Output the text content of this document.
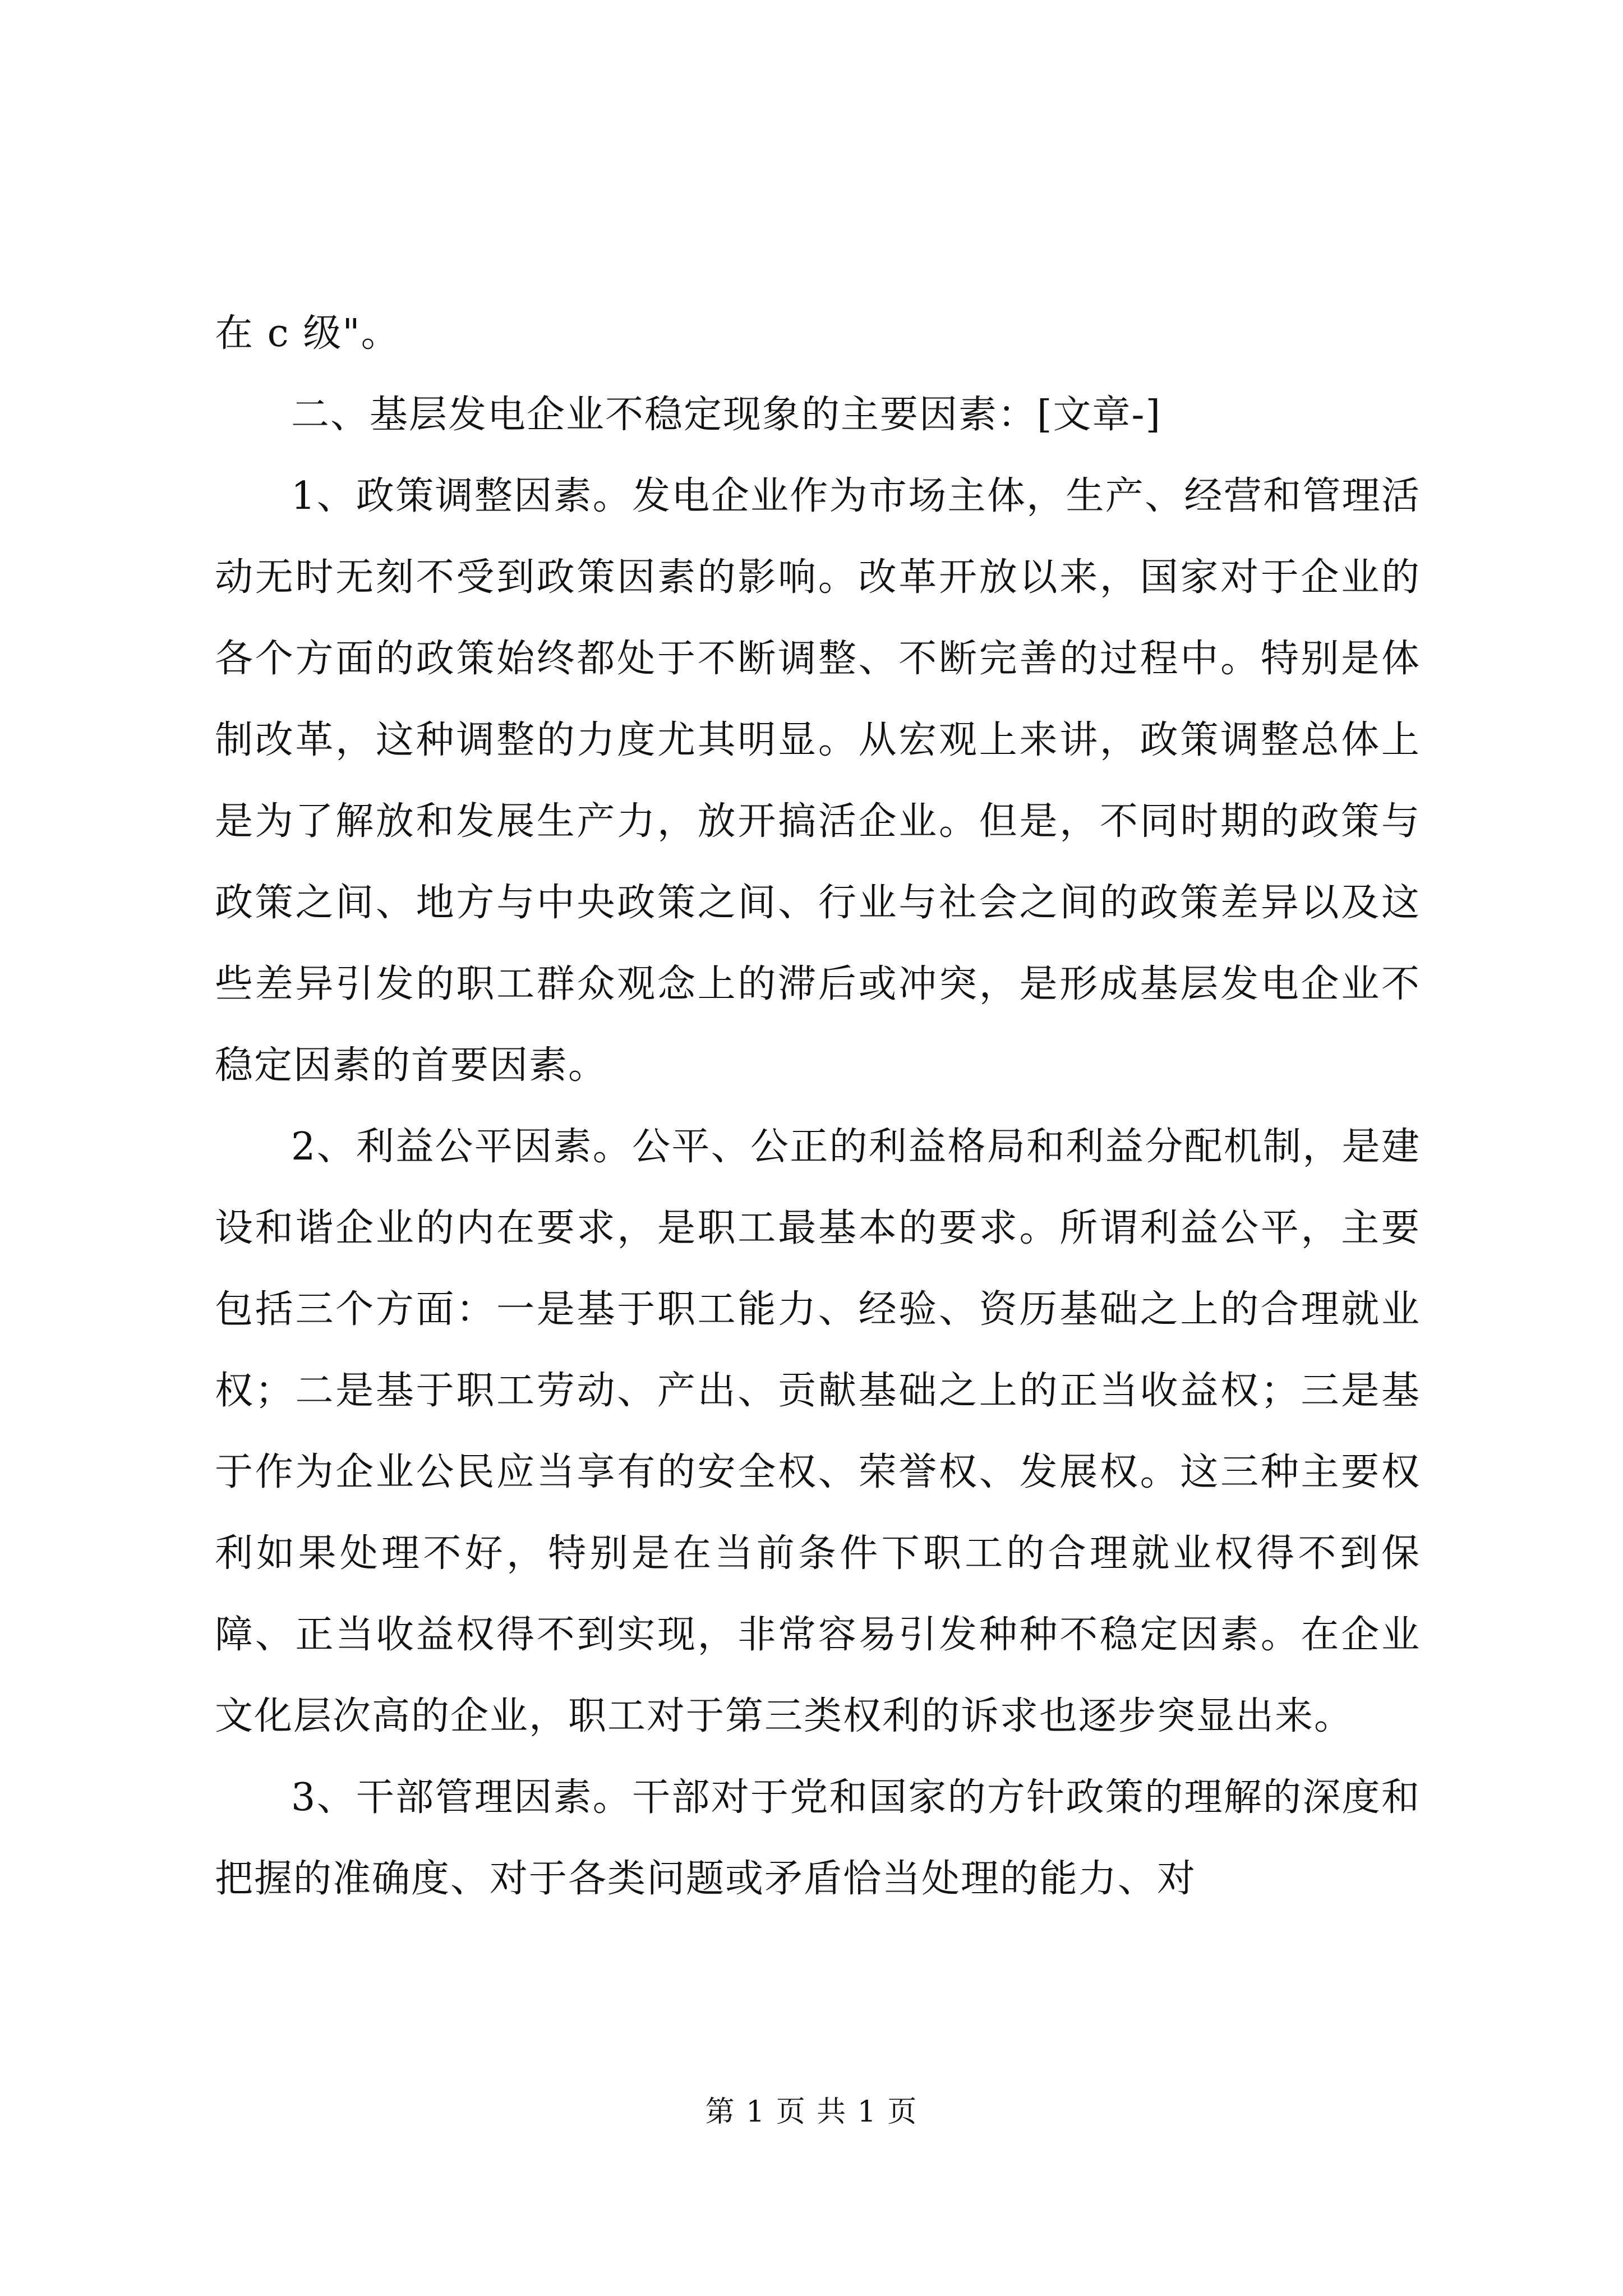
在 c 级"。

二、基层发电企业不稳定现象的主要因素：[文章-]

1、政策调整因素。发电企业作为市场主体，生产、经营和管理活动无时无刻不受到政策因素的影响。改革开放以来，国家对于企业的各个方面的政策始终都处于不断调整、不断完善的过程中。特别是体制改革，这种调整的力度尤其明显。从宏观上来讲，政策调整总体上是为了解放和发展生产力，放开搞活企业。但是，不同时期的政策与政策之间、地方与中央政策之间、行业与社会之间的政策差异以及这些差异引发的职工群众观念上的滞后或冲突，是形成基层发电企业不稳定因素的首要因素。

2、利益公平因素。公平、公正的利益格局和利益分配机制，是建设和谐企业的内在要求，是职工最基本的要求。所谓利益公平，主要包括三个方面：一是基于职工能力、经验、资历基础之上的合理就业权；二是基于职工劳动、产出、贡献基础之上的正当收益权；三是基于作为企业公民应当享有的安全权、荣誉权、发展权。这三种主要权利如果处理不好，特别是在当前条件下职工的合理就业权得不到保障、正当收益权得不到实现，非常容易引发种种不稳定因素。在企业文化层次高的企业，职工对于第三类权利的诉求也逐步突显出来。

3、干部管理因素。干部对于党和国家的方针政策的理解的深度和把握的准确度、对于各类问题或矛盾恰当处理的能力、对

第 1 页 共 1 页
